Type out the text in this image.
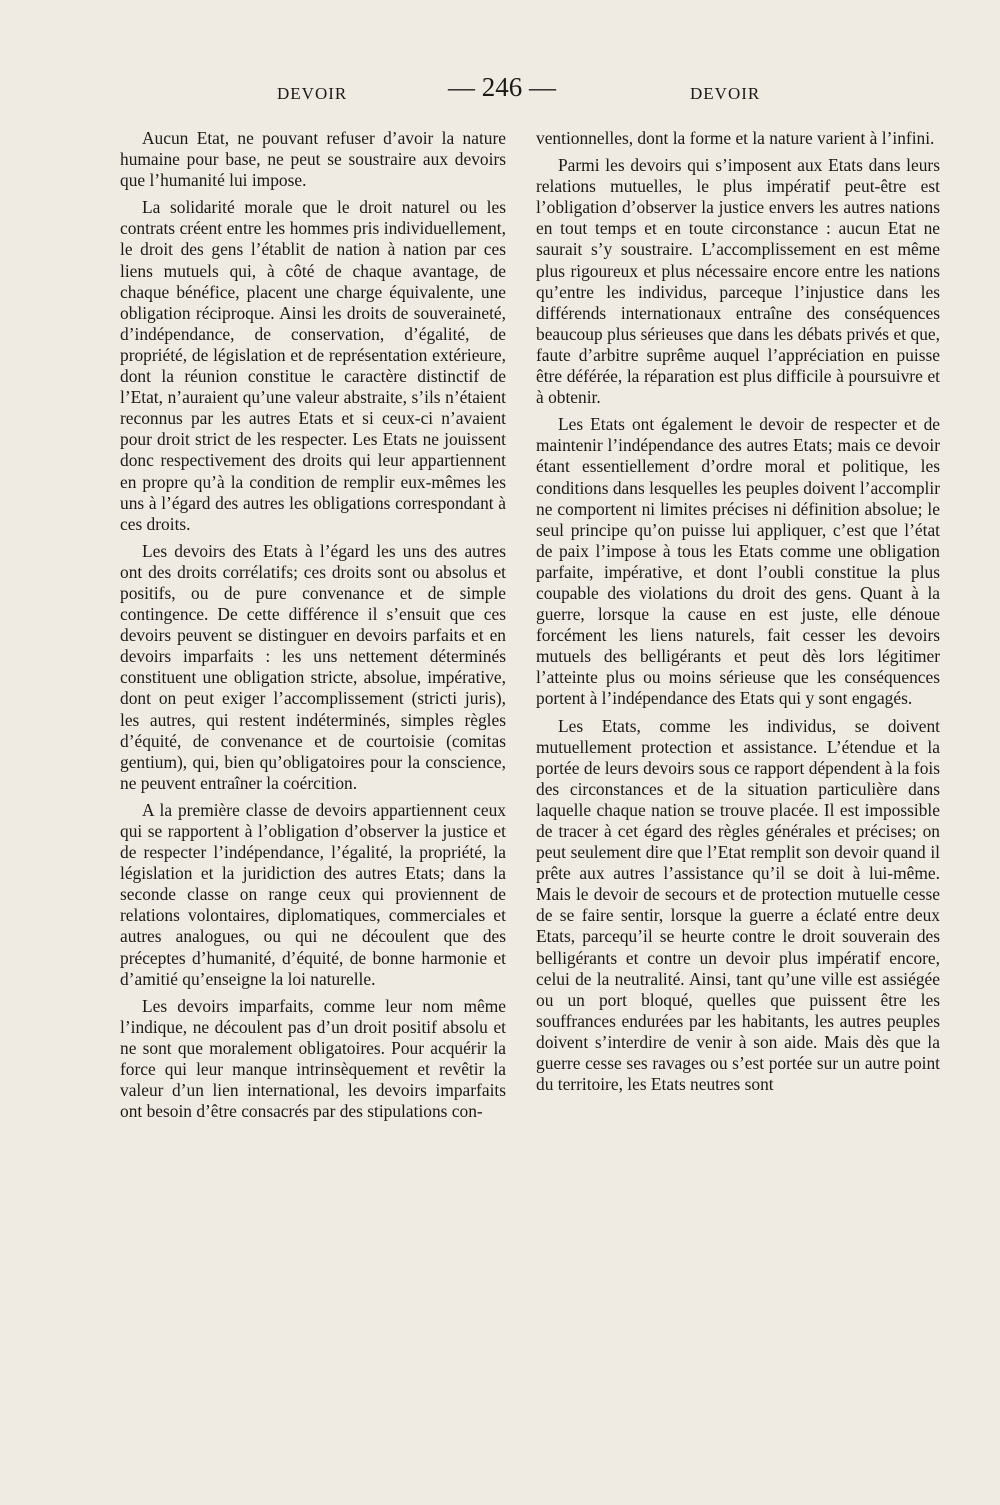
DEVOIR	— 246 —	DEVOIR

Aucun Etat, ne pouvant refuser d’avoir la nature humaine pour base, ne peut se soustraire aux devoirs que l’humanité lui impose.

La solidarité morale que le droit naturel ou les contrats créent entre les hommes pris individuellement, le droit des gens l’établit de nation à nation par ces liens mutuels qui, à côté de chaque avantage, de chaque bénéfice, placent une charge équivalente, une obligation réciproque. Ainsi les droits de souveraineté, d’indépendance, de conservation, d’égalité, de propriété, de législation et de représentation extérieure, dont la réunion constitue le caractère distinctif de l’Etat, n’auraient qu’une valeur abstraite, s’ils n’étaient reconnus par les autres Etats et si ceux-ci n’avaient pour droit strict de les respecter. Les Etats ne jouissent donc respectivement des droits qui leur appartiennent en propre qu’à la condition de remplir eux-mêmes les uns à l’égard des autres les obligations correspondant à ces droits.

Les devoirs des Etats à l’égard les uns des autres ont des droits corrélatifs; ces droits sont ou absolus et positifs, ou de pure convenance et de simple contingence. De cette différence il s’ensuit que ces devoirs peuvent se distinguer en devoirs parfaits et en devoirs imparfaits : les uns nettement déterminés constituent une obligation stricte, absolue, impérative, dont on peut exiger l’accomplissement (stricti juris), les autres, qui restent indéterminés, simples règles d’équité, de convenance et de courtoisie (comitas gentium), qui, bien qu’obligatoires pour la conscience, ne peuvent entraîner la coércition.

A la première classe de devoirs appartiennent ceux qui se rapportent à l’obligation d’observer la justice et de respecter l’indépendance, l’égalité, la propriété, la législation et la juridiction des autres Etats; dans la seconde classe on range ceux qui proviennent de relations volontaires, diplomatiques, commerciales et autres analogues, ou qui ne découlent que des préceptes d’humanité, d’équité, de bonne harmonie et d’amitié qu’enseigne la loi naturelle.

Les devoirs imparfaits, comme leur nom même l’indique, ne découlent pas d’un droit positif absolu et ne sont que moralement obligatoires. Pour acquérir la force qui leur manque intrinsèquement et revêtir la valeur d’un lien international, les devoirs imparfaits ont besoin d’être consacrés par des stipulations con-

ventionnelles, dont la forme et la nature varient à l’infini.

Parmi les devoirs qui s’imposent aux Etats dans leurs relations mutuelles, le plus impératif peut-être est l’obligation d’observer la justice envers les autres nations en tout temps et en toute circonstance : aucun Etat ne saurait s’y soustraire. L’accomplissement en est même plus rigoureux et plus nécessaire encore entre les nations qu’entre les individus, parceque l’injustice dans les différends internationaux entraîne des conséquences beaucoup plus sérieuses que dans les débats privés et que, faute d’arbitre suprême auquel l’appréciation en puisse être déférée, la réparation est plus difficile à poursuivre et à obtenir.

Les Etats ont également le devoir de respecter et de maintenir l’indépendance des autres Etats; mais ce devoir étant essentiellement d’ordre moral et politique, les conditions dans lesquelles les peuples doivent l’accomplir ne comportent ni limites précises ni définition absolue; le seul principe qu’on puisse lui appliquer, c’est que l’état de paix l’impose à tous les Etats comme une obligation parfaite, impérative, et dont l’oubli constitue la plus coupable des violations du droit des gens. Quant à la guerre, lorsque la cause en est juste, elle dénoue forcément les liens naturels, fait cesser les devoirs mutuels des belligérants et peut dès lors légitimer l’atteinte plus ou moins sérieuse que les conséquences portent à l’indépendance des Etats qui y sont engagés.

Les Etats, comme les individus, se doivent mutuellement protection et assistance. L’étendue et la portée de leurs devoirs sous ce rapport dépendent à la fois des circonstances et de la situation particulière dans laquelle chaque nation se trouve placée. Il est impossible de tracer à cet égard des règles générales et précises; on peut seulement dire que l’Etat remplit son devoir quand il prête aux autres l’assistance qu’il se doit à lui-même. Mais le devoir de secours et de protection mutuelle cesse de se faire sentir, lorsque la guerre a éclaté entre deux Etats, parcequ’il se heurte contre le droit souverain des belligérants et contre un devoir plus impératif encore, celui de la neutralité. Ainsi, tant qu’une ville est assiégée ou un port bloqué, quelles que puissent être les souffrances endurées par les habitants, les autres peuples doivent s’interdire de venir à son aide. Mais dès que la guerre cesse ses ravages ou s’est portée sur un autre point du territoire, les Etats neutres sont
